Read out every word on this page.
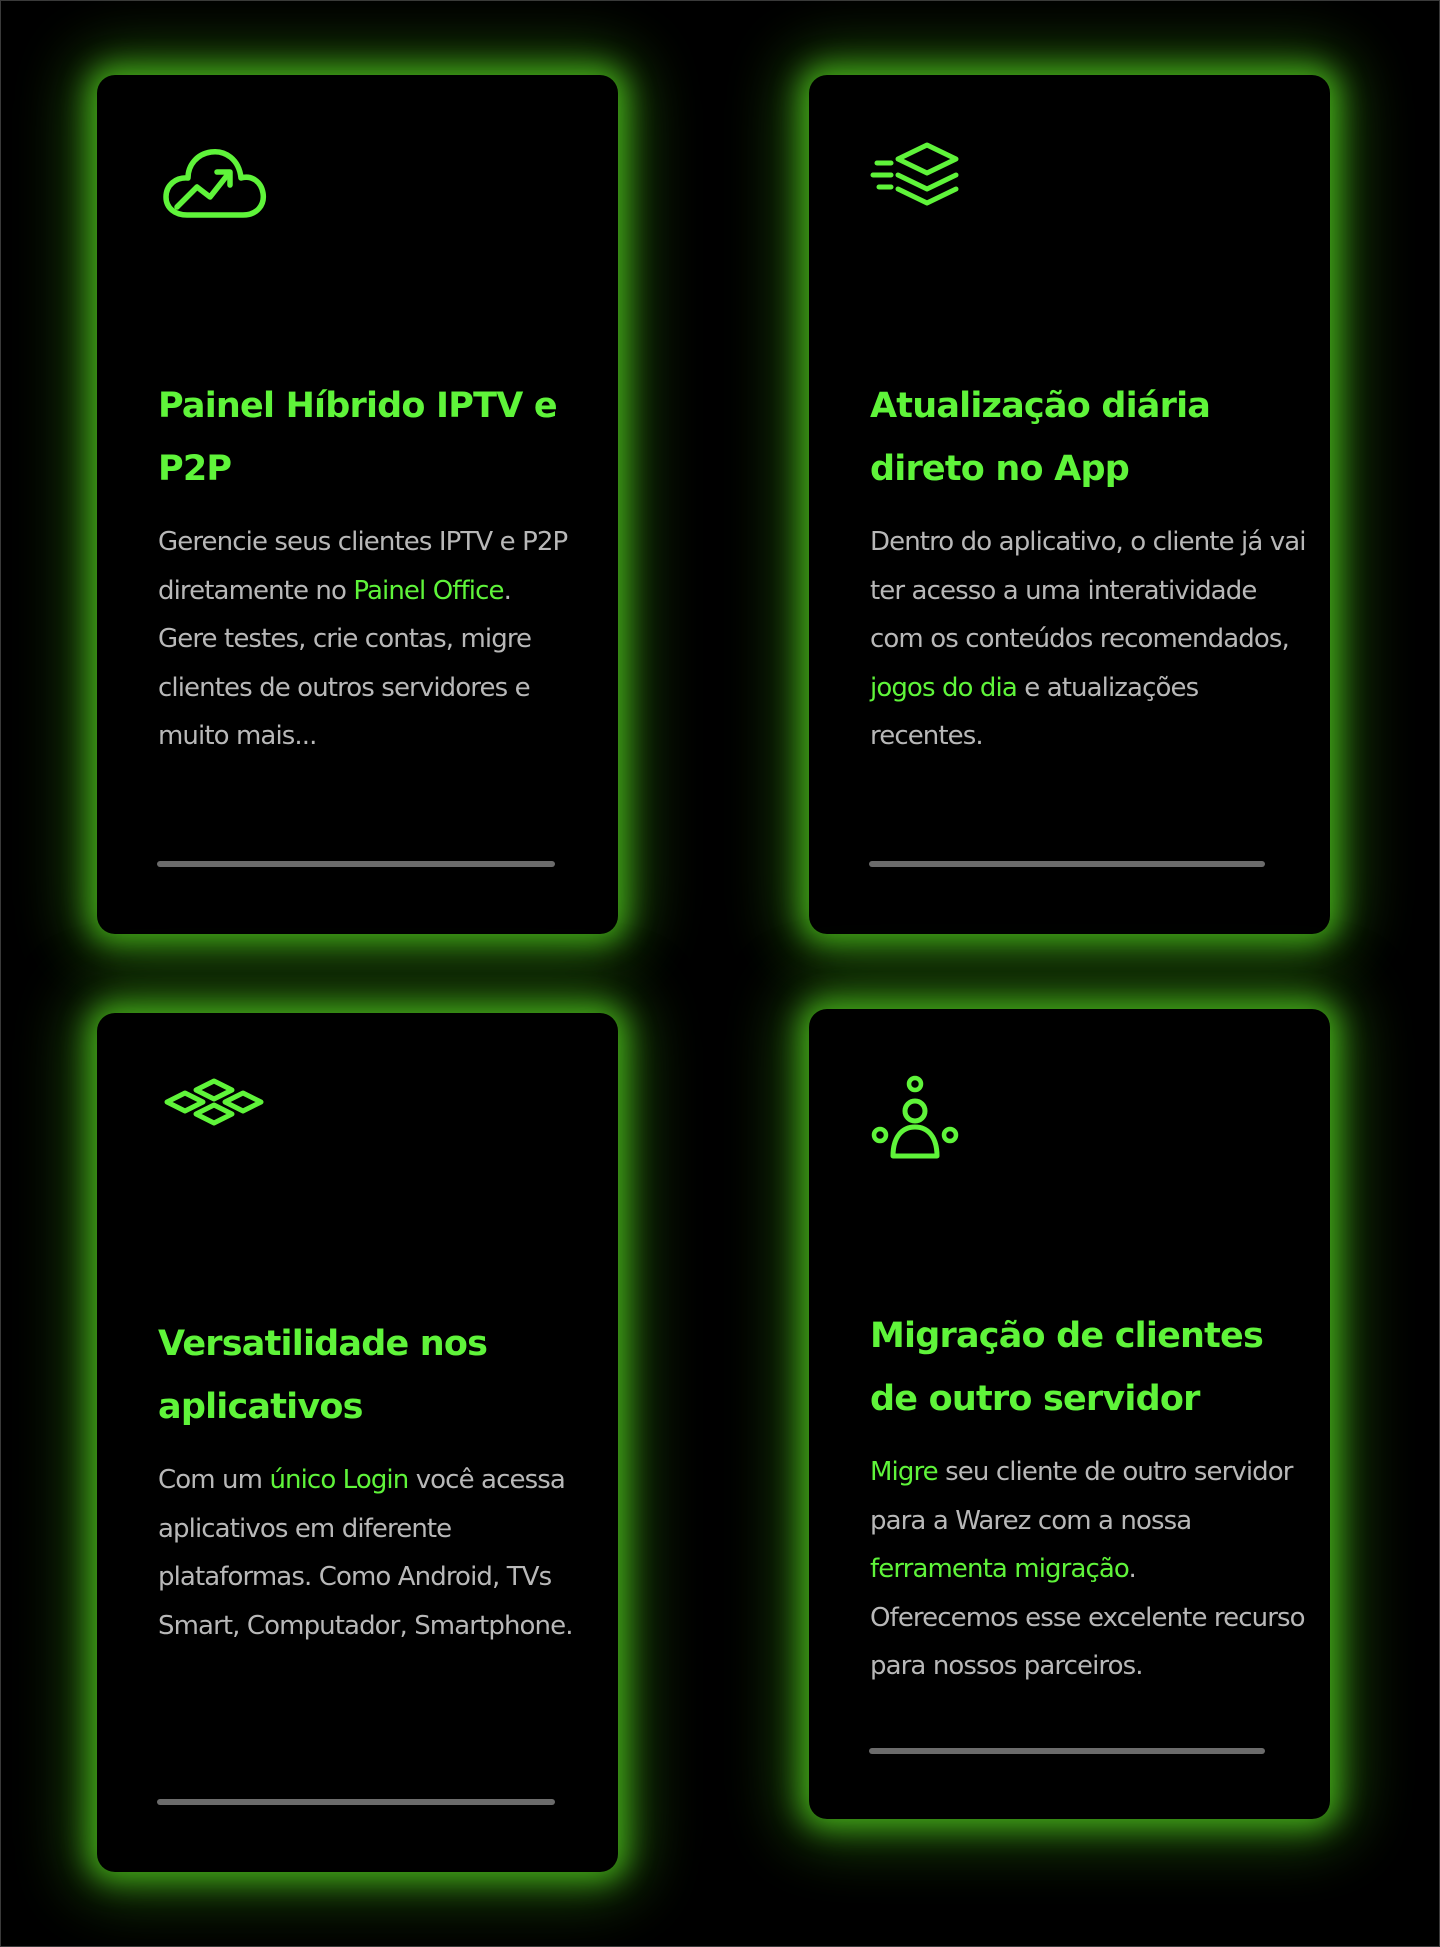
Painel Híbrido IPTV e P2P

Gerencie seus clientes IPTV e P2P diretamente no Painel Office.
Gere testes, crie contas, migre clientes de outros servidores e muito mais...

Atualização diária direto no App

Dentro do aplicativo, o cliente já vai ter acesso a uma interatividade com os conteúdos recomendados, jogos do dia e atualizações recentes.

Versatilidade nos aplicativos

Com um único Login você acessa aplicativos em diferente plataformas. Como Android, TVs Smart, Computador, Smartphone.

Migração de clientes de outro servidor

Migre seu cliente de outro servidor para a Warez com a nossa ferramenta migração.
Oferecemos esse excelente recurso para nossos parceiros.
